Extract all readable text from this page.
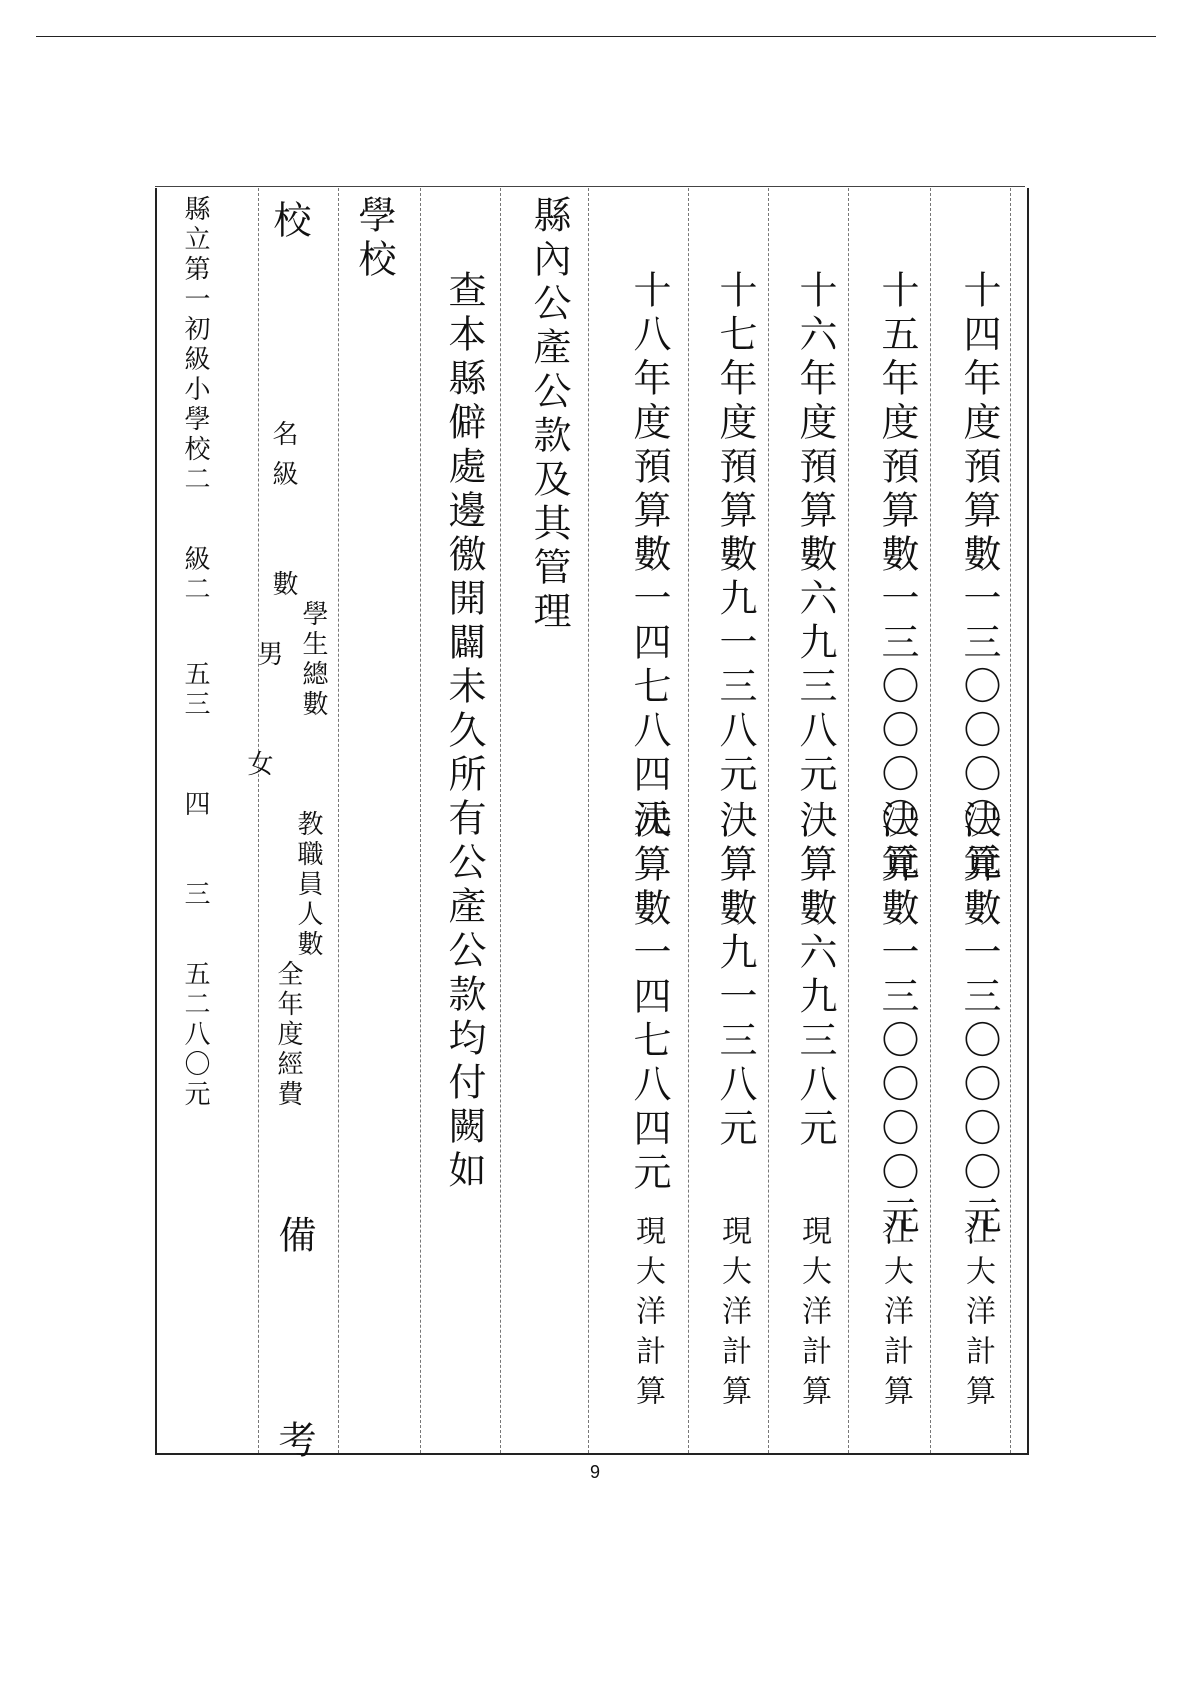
十四年度預算數一三〇〇〇〇元
決算數一三〇〇〇〇元
江大洋計算
十五年度預算數一三〇〇〇〇元
決算數一三〇〇〇〇元
江大洋計算
十六年度預算數六九三八元
決算數六九三八元
現大洋計算
十七年度預算數九一三八元
決算數九一三八元
現大洋計算
十八年度預算數一四七八四元
決算數一四七八四元
現大洋計算
縣內公產公款及其管理
查本縣僻處邊徼開闢未久所有公產公款均付闕如
學校
校
名
級
數
學生總數
男
女
教職員人數
全年度經費
備
考
縣立第一初級小學校二
級二
五三
四
三
五二八〇元
9
